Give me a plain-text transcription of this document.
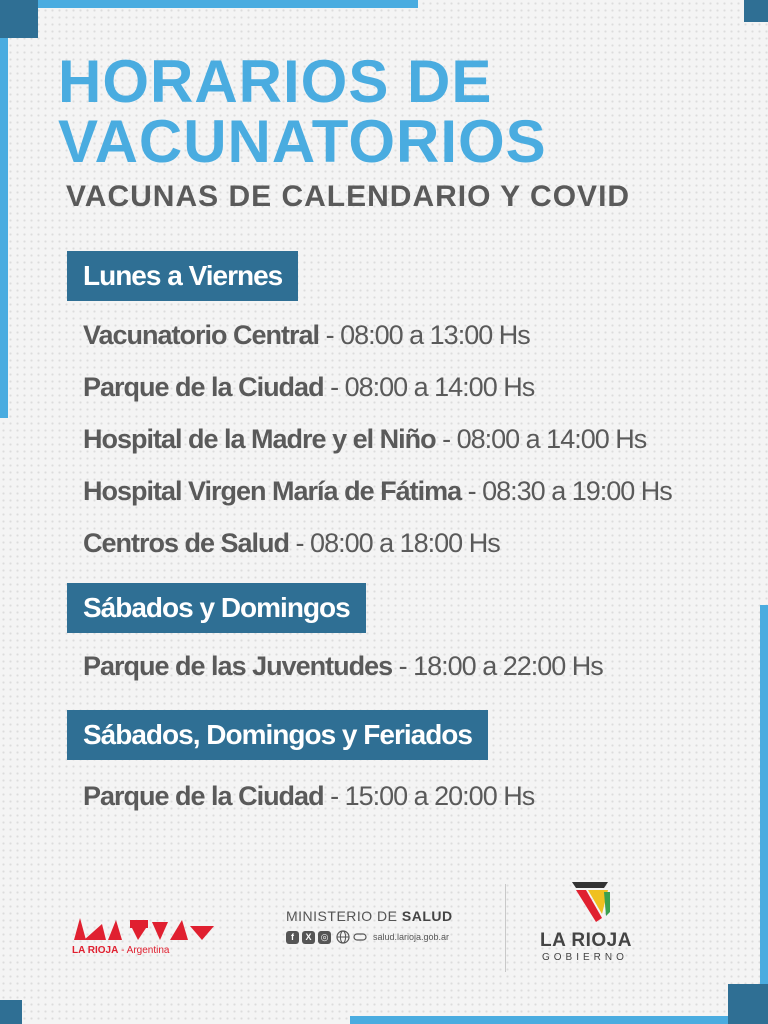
HORARIOS DE
VACUNATORIOS
VACUNAS DE CALENDARIO Y COVID
Lunes a Viernes

Vacunatorio Central - 08:00 a 13:00 Hs

Parque de la Ciudad - 08:00 a 14:00 Hs

Hospital de la Madre y el Niño - 08:00 a 14:00 Hs

Hospital Virgen María de Fátima - 08:30 a 19:00 Hs

Centros de Salud - 08:00 a 18:00 Hs

Sábados y Domingos

Parque de las Juventudes - 18:00 a 22:00 Hs

Sábados, Domingos y Feriados

Parque de la Ciudad - 15:00 a 20:00 Hs

LA RIOJA - Argentina
MINISTERIO DE SALUD
f	X	◎	salud.larioja.gob.ar	LA RIOJA
GOBIERNO
